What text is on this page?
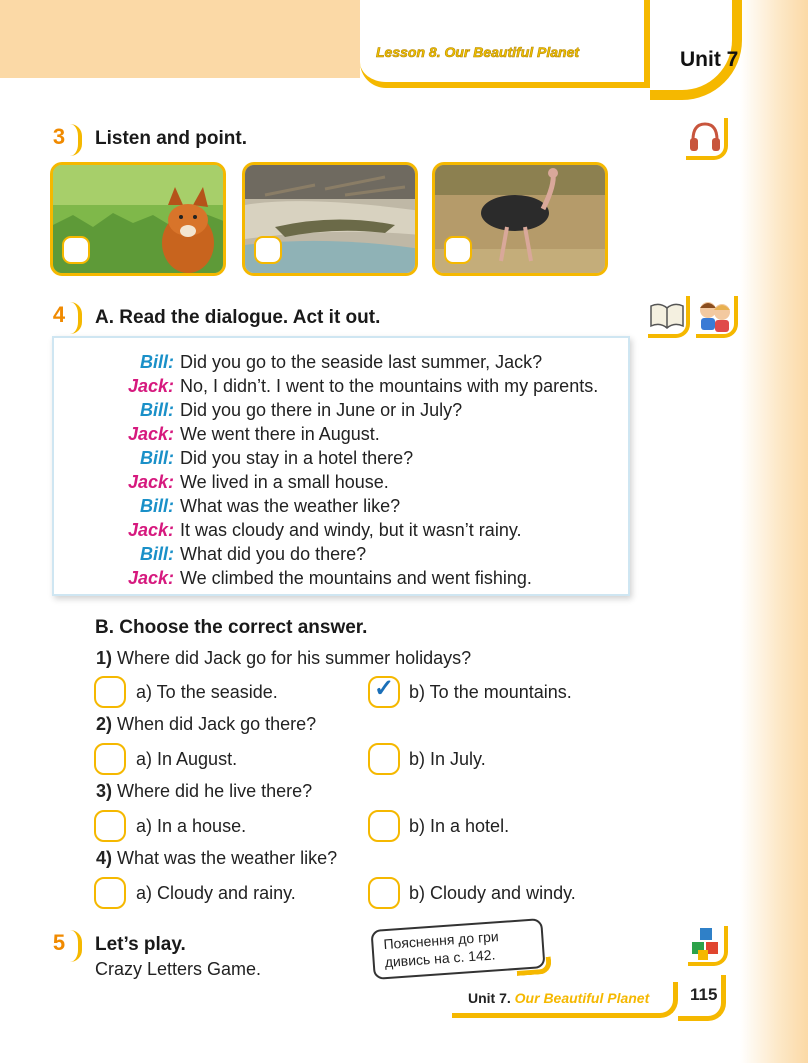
Lesson 8. Our Beautiful Planet	Unit 7
3	Listen and point.
4	A. Read the dialogue. Act it out.
Bill: Did you go to the seaside last summer, Jack?
Jack: No, I didn’t. I went to the mountains with my parents.
Bill: Did you go there in June or in July?
Jack: We went there in August.
Bill: Did you stay in a hotel there?
Jack: We lived in a small house.
Bill: What was the weather like?
Jack: It was cloudy and windy, but it wasn’t rainy.
Bill: What did you do there?
Jack: We climbed the mountains and went fishing.
B. Choose the correct answer.
1) Where did Jack go for his summer holidays?
a) To the seaside.	✓ b) To the mountains.
2) When did Jack go there?
a) In August.	b) In July.
3) Where did he live there?
a) In a house.	b) In a hotel.
4) What was the weather like?
a) Cloudy and rainy.	b) Cloudy and windy.
5	Let’s play.
Crazy Letters Game.
Пояснення до гри
дивись на с. 142.
Unit 7. Our Beautiful Planet 115
